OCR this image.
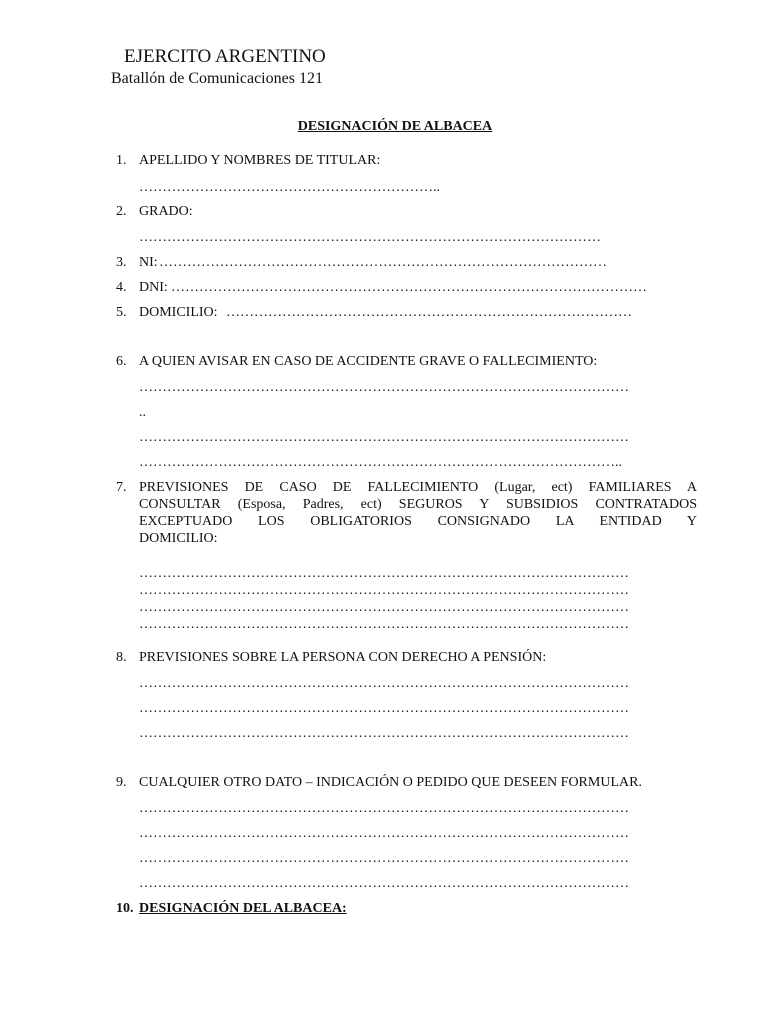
EJERCITO ARGENTINO
Batallón de Comunicaciones 121
DESIGNACIÓN DE ALBACEA
1. APELLIDO Y NOMBRES DE TITULAR:
………………………………………………………..
2. GRADO:
………………………………………………………………………………………
3. NI: ……………………………………………………………………………………
4. DNI: …………………………………………………………………………………………
5. DOMICILIO: ……………………………………………………………………………
6. A QUIEN AVISAR EN CASO DE ACCIDENTE GRAVE O FALLECIMIENTO:
……………………………………………………………………………………………
..
……………………………………………………………………………………………
…………………………………………………………………………………………..
7. PREVISIONES DE CASO DE FALLECIMIENTO (Lugar, ect) FAMILIARES A
CONSULTAR (Esposa, Padres, ect) SEGUROS Y SUBSIDIOS CONTRATADOS
EXCEPTUADO LOS OBLIGATORIOS CONSIGNADO LA ENTIDAD Y
DOMICILIO:
……………………………………………………………………………………………
……………………………………………………………………………………………
……………………………………………………………………………………………
……………………………………………………………………………………………
8. PREVISIONES SOBRE LA PERSONA CON DERECHO A PENSIÓN:
……………………………………………………………………………………………
……………………………………………………………………………………………
……………………………………………………………………………………………
9. CUALQUIER OTRO DATO – INDICACIÓN O PEDIDO QUE DESEEN FORMULAR.
……………………………………………………………………………………………
……………………………………………………………………………………………
……………………………………………………………………………………………
……………………………………………………………………………………………
10. DESIGNACIÓN DEL ALBACEA:
